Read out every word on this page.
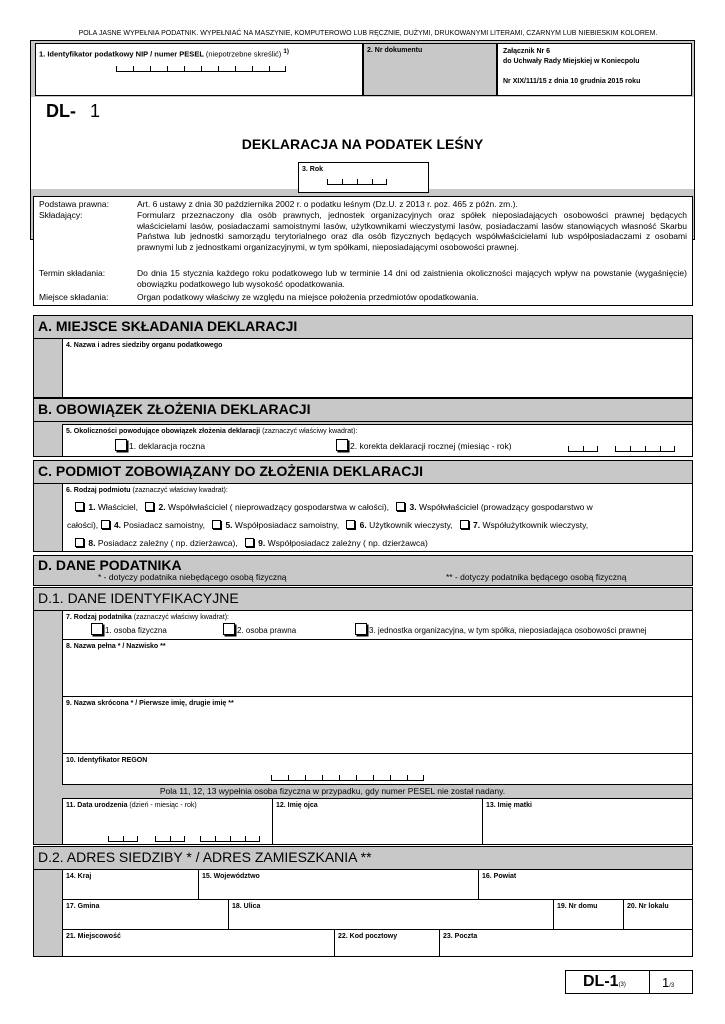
POLA JASNE WYPEŁNIA PODATNIK. WYPEŁNIAĆ NA MASZYNIE, KOMPUTEROWO LUB RĘCZNIE, DUŻYMI, DRUKOWANYMI LITERAMI, CZARNYM LUB NIEBIESKIM KOLOREM.
1. Identyfikator podatkowy NIP / numer PESEL (niepotrzebne skreślić) $^{1)}$	2. Nr dokumentu	Załącznik Nr 6
do Uchwały Rady Miejskiej w Koniecpolu
Nr XIX/111/15 z dnia 10 grudnia 2015 roku
DL- 1
DEKLARACJA NA PODATEK LEŚNY
3. Rok
Podstawa prawna:	Art. 6 ustawy z dnia 30 października 2002 r. o podatku leśnym (Dz.U. z 2013 r. poz. 465 z późn. zm.).
Składający:	Formularz przeznaczony dla osób prawnych, jednostek organizacyjnych oraz spółek nieposiadających osobowości prawnej będących właścicielami lasów, posiadaczami samoistnymi lasów, użytkownikami wieczystymi lasów, posiadaczami lasów stanowiących własność Skarbu Państwa lub jednostki samorządu terytorialnego oraz dla osób fizycznych będących współwłaścicielami lub współposiadaczami z osobami prawnymi lub z jednostkami organizacyjnymi, w tym spółkami, nieposiadającymi osobowości prawnej.
Termin składania:	Do dnia 15 stycznia każdego roku podatkowego lub w terminie 14 dni od zaistnienia okoliczności mających wpływ na powstanie (wygaśnięcie) obowiązku podatkowego lub wysokość opodatkowania.
Miejsce składania:	Organ podatkowy właściwy ze względu na miejsce położenia przedmiotów opodatkowania.
A. MIEJSCE SKŁADANIA DEKLARACJI
4. Nazwa i adres siedziby organu podatkowego
B. OBOWIĄZEK ZŁOŻENIA DEKLARACJI
5. Okoliczności powodujące obowiązek złożenia deklaracji (zaznaczyć właściwy kwadrat):
1. deklaracja roczna	2. korekta deklaracji rocznej (miesiąc - rok)
C. PODMIOT ZOBOWIĄZANY DO ZŁOŻENIA DEKLARACJI
6. Rodzaj podmiotu (zaznaczyć właściwy kwadrat):
1. Właściciel, 2. Współwłaściciel ( nieprowadzący gospodarstwa w całości), 3. Współwłaściciel (prowadzący gospodarstwo w
całości), 4. Posiadacz samoistny, 5. Współposiadacz samoistny, 6. Użytkownik wieczysty, 7. Współużytkownik wieczysty,
8. Posiadacz zależny ( np. dzierżawca), 9. Współposiadacz zależny ( np. dzierżawca)
D. DANE PODATNIKA
* - dotyczy podatnika niebędącego osobą fizyczną	** - dotyczy podatnika będącego osobą fizyczną
D.1. DANE IDENTYFIKACYJNE
7. Rodzaj podatnika (zaznaczyć właściwy kwadrat):
1. osoba fizyczna	2. osoba prawna	3. jednostka organizacyjna, w tym spółka, nieposiadająca osobowości prawnej
8. Nazwa pełna * / Nazwisko **
9. Nazwa skrócona * / Pierwsze imię, drugie imię **
10. Identyfikator REGON
Pola 11, 12, 13 wypełnia osoba fizyczna w przypadku, gdy numer PESEL nie został nadany.
11. Data urodzenia (dzień - miesiąc - rok)	12. Imię ojca	13. Imię matki
D.2. ADRES SIEDZIBY * / ADRES ZAMIESZKANIA **
14. Kraj	15. Województwo	16. Powiat
17. Gmina	18. Ulica	19. Nr domu	20. Nr lokalu
21. Miejscowość	22. Kod pocztowy	23. Poczta
DL-1(3)	1/3
